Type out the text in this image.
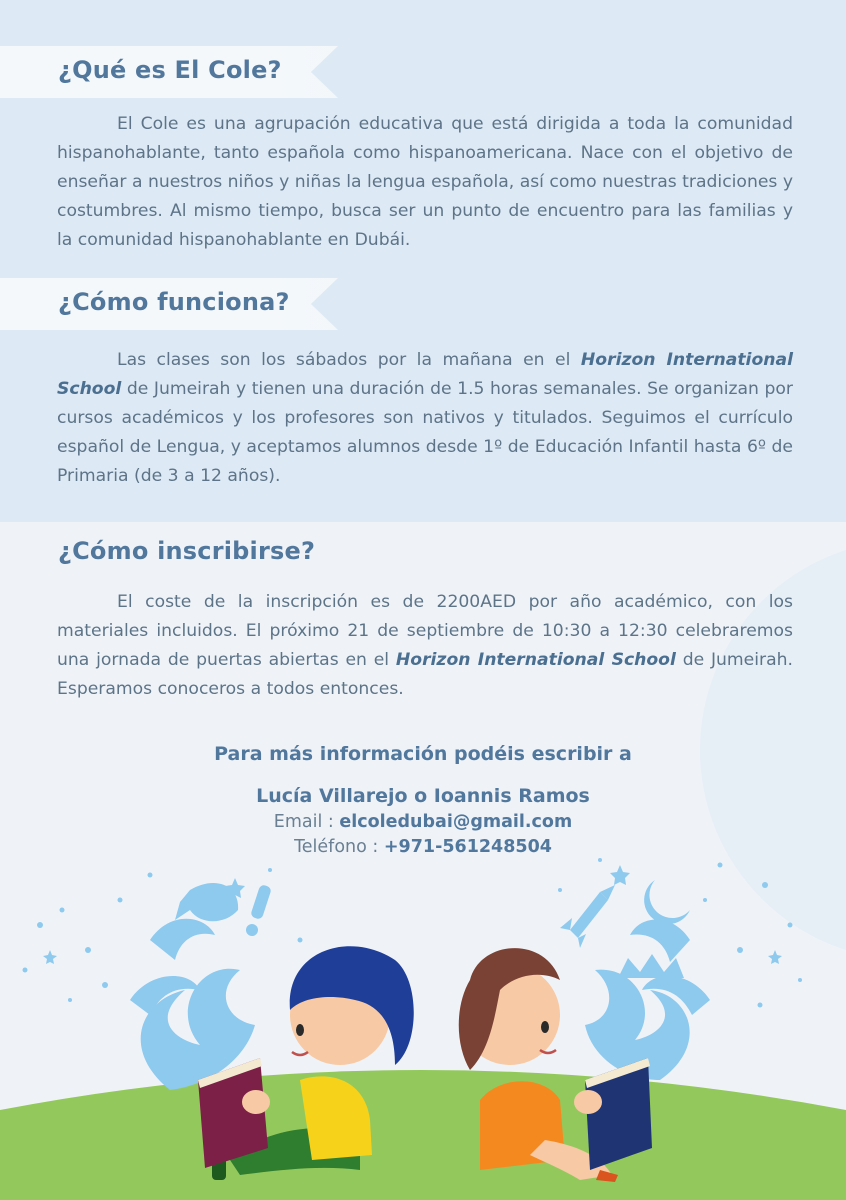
¿Qué es El Cole?

El Cole es una agrupación educativa que está dirigida a toda la comunidad hispanohablante, tanto española como hispanoamericana. Nace con el objetivo de enseñar a nuestros niños y niñas la lengua española, así como nuestras tradiciones y costumbres. Al mismo tiempo, busca ser un punto de encuentro para las familias y la comunidad hispanohablante en Dubái.

¿Cómo funciona?

Las clases son los sábados por la mañana en el Horizon International School de Jumeirah y tienen una duración de 1.5 horas semanales. Se organizan por cursos académicos y los profesores son nativos y titulados. Seguimos el currículo español de Lengua, y aceptamos alumnos desde 1º de Educación Infantil hasta 6º de Primaria (de 3 a 12 años).

¿Cómo inscribirse?

El coste de la inscripción es de 2200AED por año académico, con los materiales incluidos. El próximo 21 de septiembre de 10:30 a 12:30 celebraremos una jornada de puertas abiertas en el Horizon International School de Jumeirah. Esperamos conoceros a todos entonces.

Para más información podéis escribir a

Lucía Villarejo o Ioannis Ramos

Email : elcoledubai@gmail.com

Teléfono : +971-561248504
